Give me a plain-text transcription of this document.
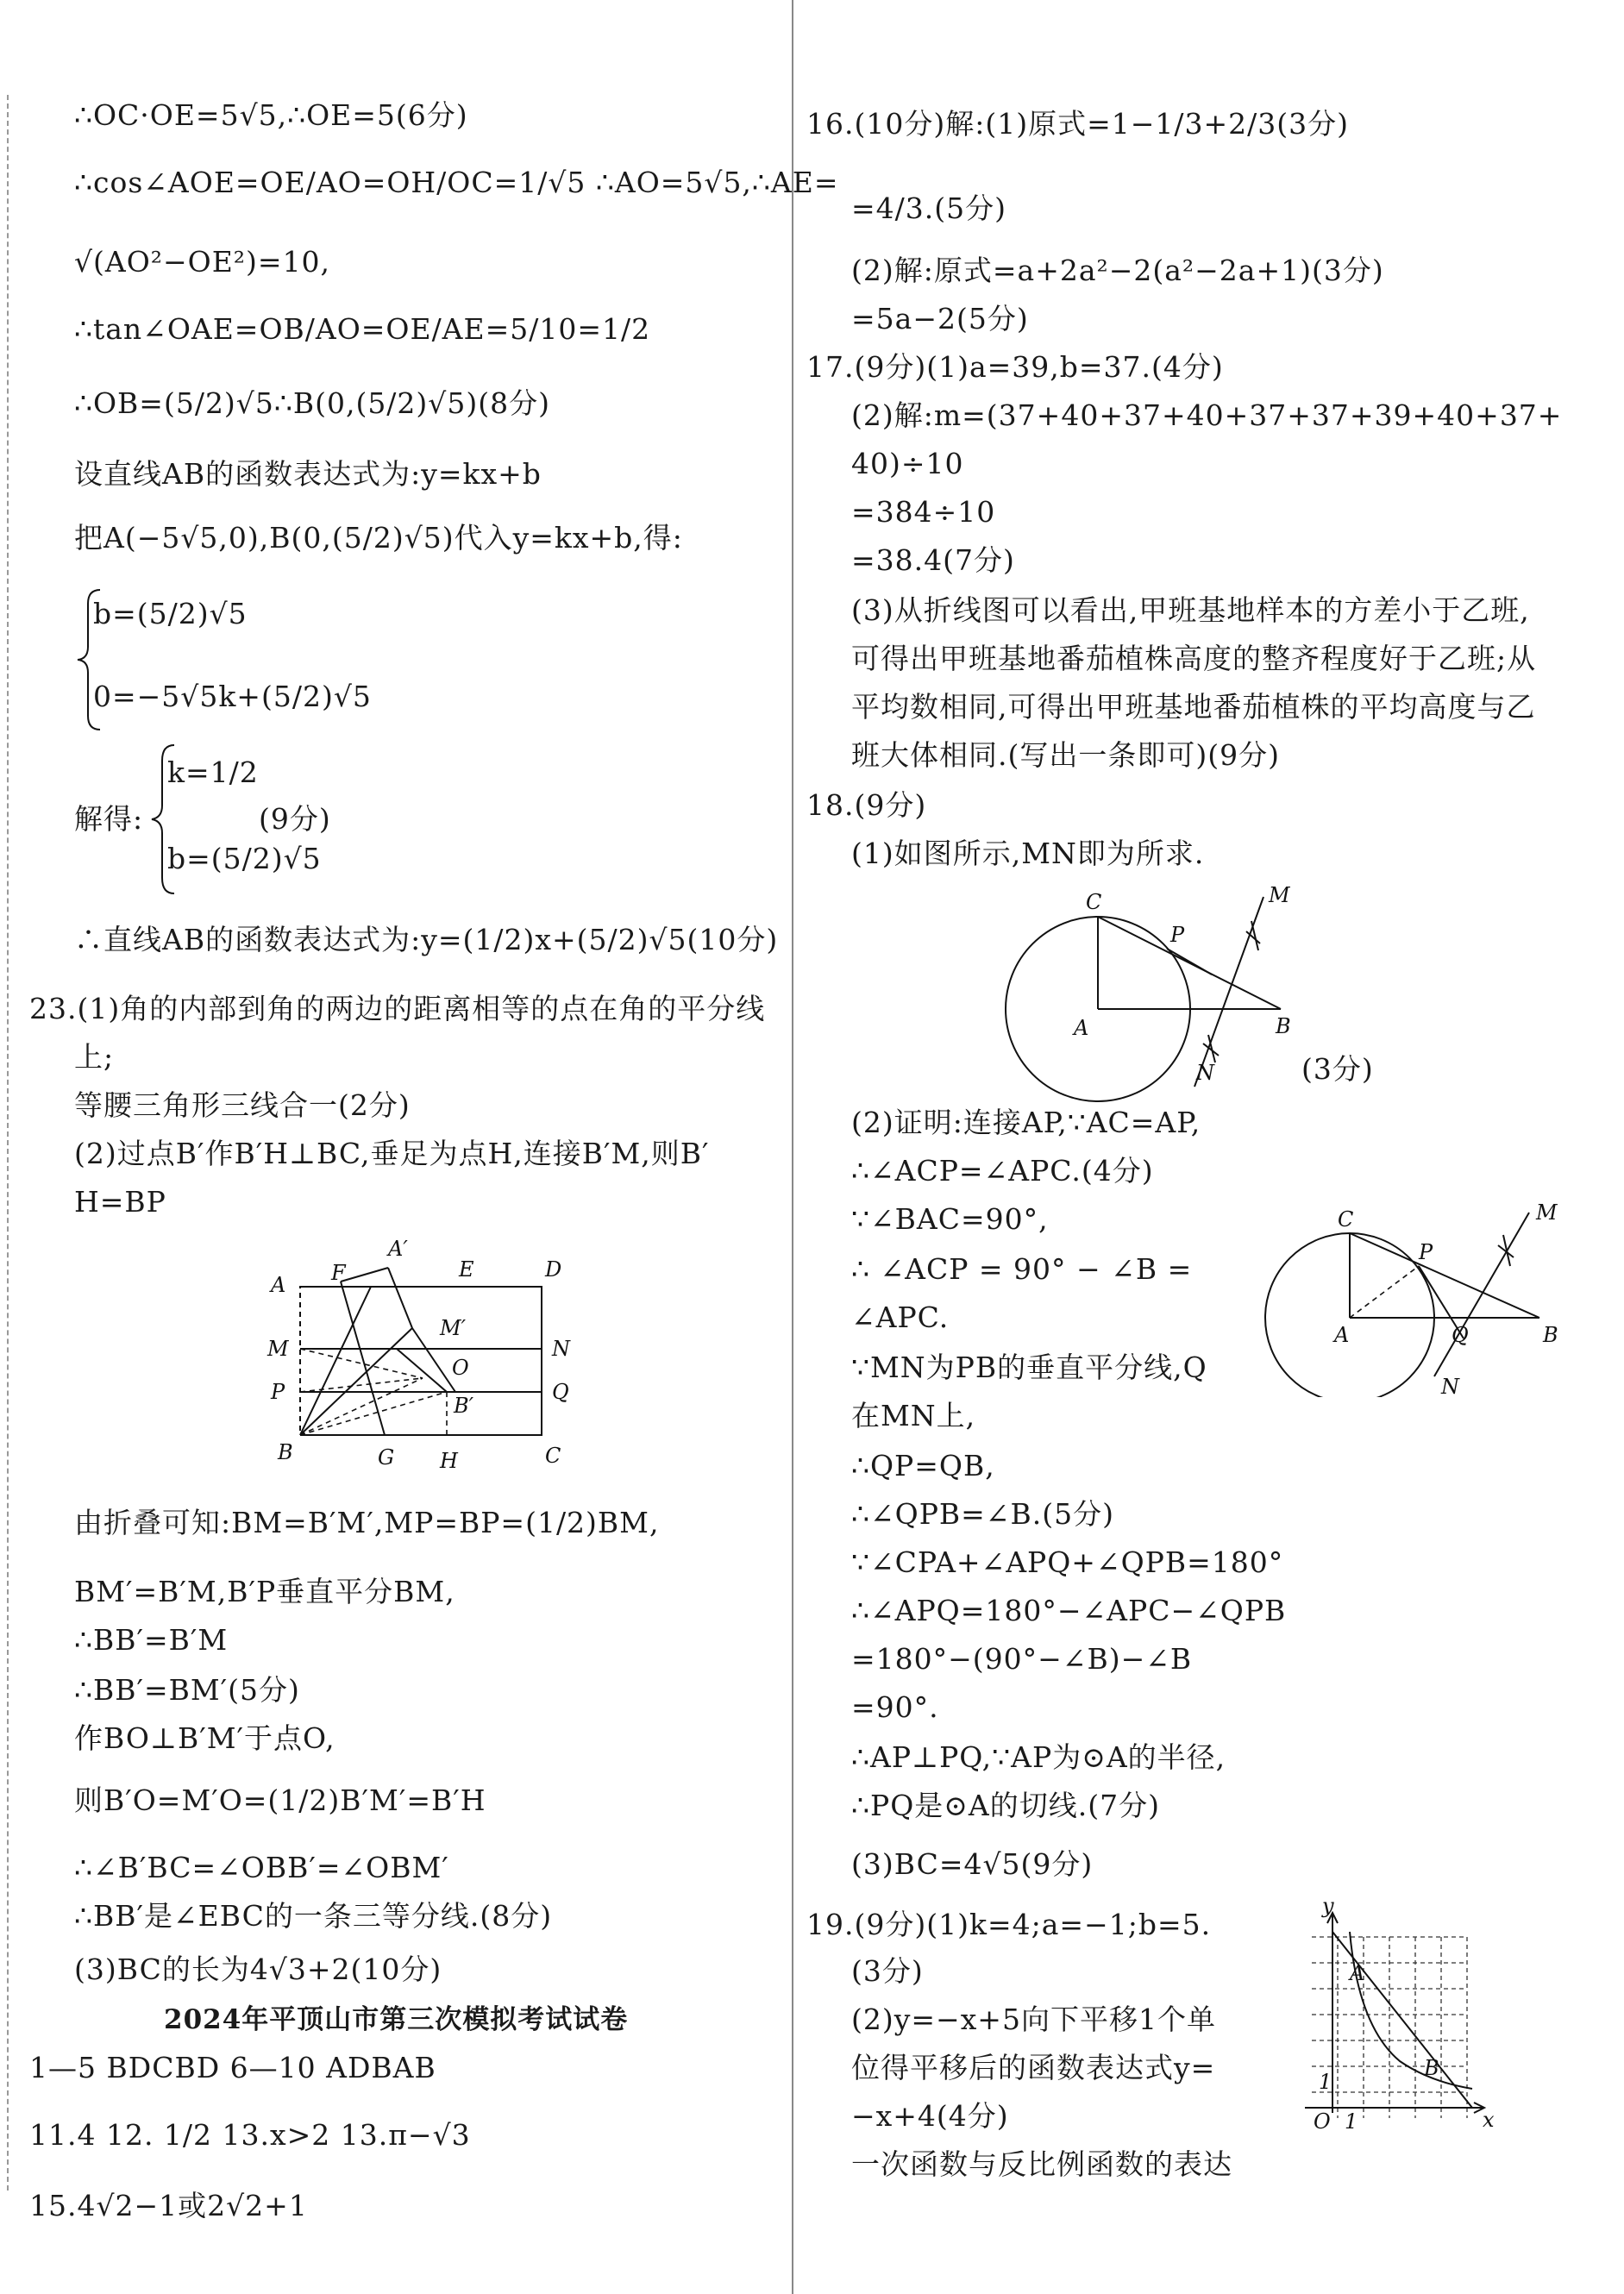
∴OC·OE=5√5,∴OE=5(6分)
∴cos∠AOE=OE/AO=OH/OC=1/√5 ∴AO=5√5,∴AE=
√(AO²−OE²)=10,
∴tan∠OAE=OB/AO=OE/AE=5/10=1/2
∴OB=(5/2)√5∴B(0,(5/2)√5)(8分)
设直线AB的函数表达式为:y=kx+b
把A(−5√5,0),B(0,(5/2)√5)代入y=kx+b,得:
b=(5/2)√5
0=−5√5k+(5/2)√5
解得:
k=1/2
b=(5/2)√5
(9分)
∴直线AB的函数表达式为:y=(1/2)x+(5/2)√5(10分)
23.(1)角的内部到角的两边的距离相等的点在角的平分线
上;
等腰三角形三线合一(2分)
(2)过点B′作B′H⊥BC,垂足为点H,连接B′M,则B′
H=BP
A
A′
F	E	D
M′
M	N
O
P	Q
B′
B	G H	C
由折叠可知:BM=B′M′,MP=BP=(1/2)BM,
BM′=B′M,B′P垂直平分BM,
∴BB′=B′M
∴BB′=BM′(5分)
作BO⊥B′M′于点O,
则B′O=M′O=(1/2)B′M′=B′H
∴∠B′BC=∠OBB′=∠OBM′
∴BB′是∠EBC的一条三等分线.(8分)
(3)BC的长为4√3+2(10分)
2024年平顶山市第三次模拟考试试卷
1—5 BDCBD 6—10 ADBAB
11.4 12. 1/2 13.x>2 13.π−√3
15.4√2−1或2√2+1
16.(10分)解:(1)原式=1−1/3+2/3(3分)
=4/3.(5分)
(2)解:原式=a+2a²−2(a²−2a+1)(3分)
=5a−2(5分)
17.(9分)(1)a=39,b=37.(4分)
(2)解:m=(37+40+37+40+37+37+39+40+37+
40)÷10
=384÷10
=38.4(7分)
(3)从折线图可以看出,甲班基地样本的方差小于乙班,
可得出甲班基地番茄植株高度的整齐程度好于乙班;从
平均数相同,可得出甲班基地番茄植株的平均高度与乙
班大体相同.(写出一条即可)(9分)
18.(9分)
(1)如图所示,MN即为所求.
C
P
M
A	B
N	(3分)
(2)证明:连接AP,∵AC=AP,
∴∠ACP=∠APC.(4分)
∵∠BAC=90°,
∴ ∠ACP = 90° − ∠B =
∠APC.
∵MN为PB的垂直平分线,Q
在MN上,
C	M
P
A	Q	B
N
∴QP=QB,
∴∠QPB=∠B.(5分)
∵∠CPA+∠APQ+∠QPB=180°
∴∠APQ=180°−∠APC−∠QPB
=180°−(90°−∠B)−∠B
=90°.
∴AP⊥PQ,∵AP为⊙A的半径,
∴PQ是⊙A的切线.(7分)
(3)BC=4√5(9分)
19.(9分)(1)k=4;a=−1;b=5.
(3分)
(2)y=−x+5向下平移1个单
位得平移后的函数表达式y=
−x+4(4分)
一次函数与反比例函数的表达
y
A
B
1
O 1	x
